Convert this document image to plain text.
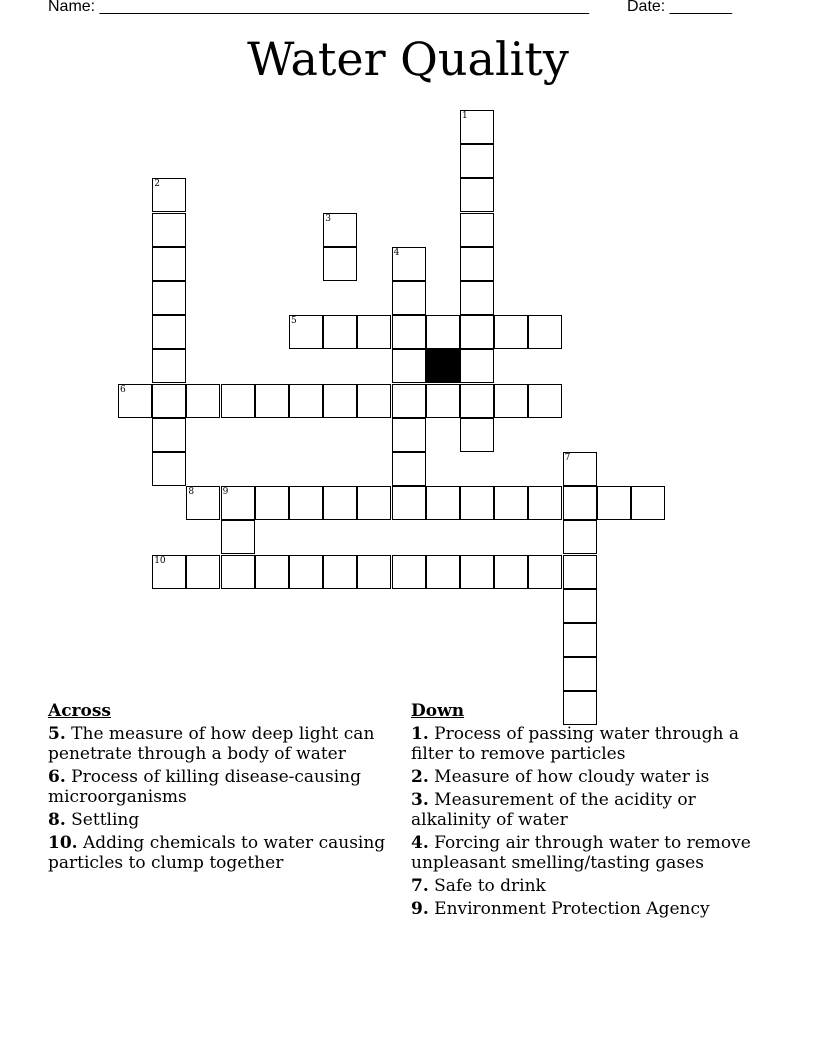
Name: _______________________________________________________ Date: _______
Water Quality
5
6
8	9
10
1
2
3
4
7
Across
5. The measure of how deep light can penetrate through a body of water
6. Process of killing disease-causing microorganisms
8. Settling
10. Adding chemicals to water causing particles to clump together
Down
1. Process of passing water through a filter to remove particles
2. Measure of how cloudy water is
3. Measurement of the acidity or alkalinity of water
4. Forcing air through water to remove unpleasant smelling/tasting gases
7. Safe to drink
9. Environment Protection Agency
